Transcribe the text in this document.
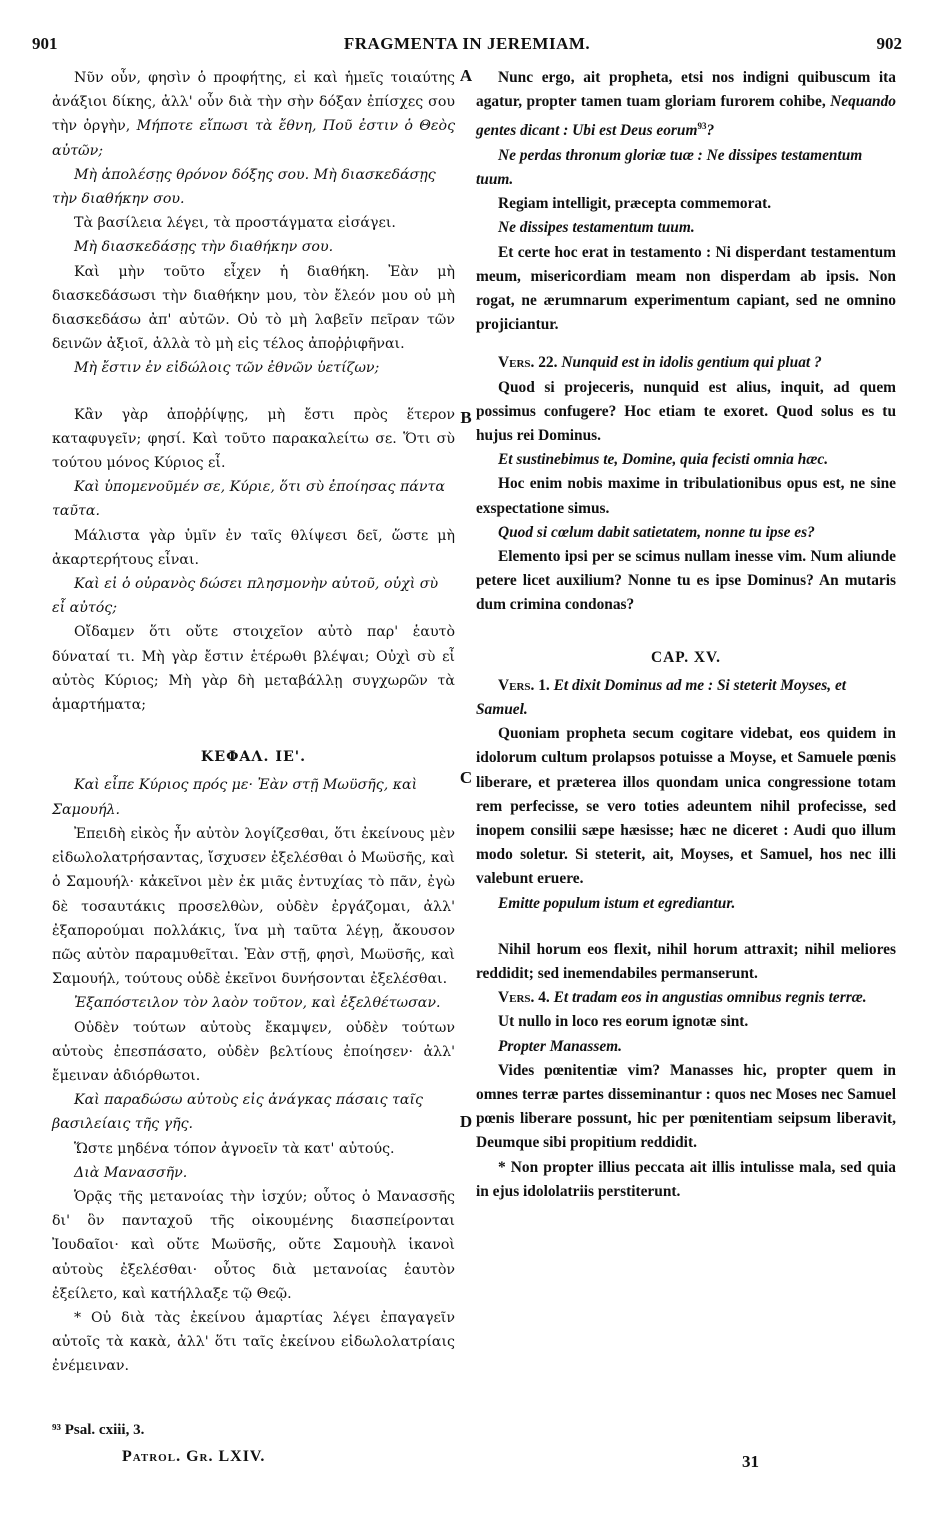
901	FRAGMENTA IN JEREMIAM.	902

Νῦν οὖν, φησὶν ὁ προφήτης, εἰ καὶ ἡμεῖς τοιαύτης ἀνάξιοι δίκης, ἀλλ' οὖν διὰ τὴν σὴν δόξαν ἐπίσχες σου τὴν ὀργὴν, Μήποτε εἴπωσι τὰ ἔθνη, Ποῦ ἐστιν ὁ Θεὸς αὐτῶν;

Μὴ ἀπολέσῃς θρόνον δόξης σου. Μὴ διασκεδάσῃς τὴν διαθήκην σου.

Τὰ βασίλεια λέγει, τὰ προστάγματα εἰσάγει.

Μὴ διασκεδάσῃς τὴν διαθήκην σου.

Καὶ μὴν τοῦτο εἶχεν ἡ διαθήκη. Ἐὰν μὴ διασκεδάσωσι τὴν διαθήκην μου, τὸν ἔλεόν μου οὐ μὴ διασκεδάσω ἀπ' αὐτῶν. Οὐ τὸ μὴ λαβεῖν πεῖραν τῶν δεινῶν ἀξιοῖ, ἀλλὰ τὸ μὴ εἰς τέλος ἀποῤῥιφῆναι.

Μὴ ἔστιν ἐν εἰδώλοις τῶν ἐθνῶν ὑετίζων;

Κἂν γὰρ ἀποῤῥίψῃς, μὴ ἔστι πρὸς ἕτερον καταφυγεῖν; φησί. Καὶ τοῦτο παρακαλείτω σε. Ὅτι σὺ τούτου μόνος Κύριος εἶ.

Καὶ ὑπομενοῦμέν σε, Κύριε, ὅτι σὺ ἐποίησας πάντα ταῦτα.

Μάλιστα γὰρ ὑμῖν ἐν ταῖς θλίψεσι δεῖ, ὥστε μὴ ἀκαρτερήτους εἶναι.

Καὶ εἰ ὁ οὐρανὸς δώσει πλησμονὴν αὐτοῦ, οὐχὶ σὺ εἶ αὐτός;

Οἴδαμεν ὅτι οὔτε στοιχεῖον αὐτὸ παρ' ἑαυτὸ δύναταί τι. Μὴ γὰρ ἔστιν ἑτέρωθι βλέψαι; Οὐχὶ σὺ εἶ αὐτὸς Κύριος; Μὴ γὰρ δὴ μεταβάλλῃ συγχωρῶν τὰ ἁμαρτήματα;

ΚΕΦΑΛ. ΙΕ'.

Καὶ εἶπε Κύριος πρός με· Ἐὰν στῇ Μωϋσῆς, καὶ Σαμουήλ.

Ἐπειδὴ εἰκὸς ἦν αὐτὸν λογίζεσθαι, ὅτι ἐκείνους μὲν εἰδωλολατρήσαντας, ἴσχυσεν ἐξελέσθαι ὁ Μωϋσῆς, καὶ ὁ Σαμουήλ· κἀκεῖνοι μὲν ἐκ μιᾶς ἐντυχίας τὸ πᾶν, ἐγὼ δὲ τοσαυτάκις προσελθὼν, οὐδὲν ἐργάζομαι, ἀλλ' ἐξαπορούμαι πολλάκις, ἵνα μὴ ταῦτα λέγῃ, ἄκουσον πῶς αὐτὸν παραμυθεῖται. Ἐὰν στῇ, φησὶ, Μωϋσῆς, καὶ Σαμουήλ, τούτους οὐδὲ ἐκεῖνοι δυνήσονται ἐξελέσθαι.

Ἐξαπόστειλον τὸν λαὸν τοῦτον, καὶ ἐξελθέτωσαν.

Οὐδὲν τούτων αὐτοὺς ἔκαμψεν, οὐδὲν τούτων αὐτοὺς ἐπεσπάσατο, οὐδὲν βελτίους ἐποίησεν· ἀλλ' ἔμειναν ἀδιόρθωτοι.

Καὶ παραδώσω αὐτοὺς εἰς ἀνάγκας πάσαις ταῖς βασιλείαις τῆς γῆς.

Ὥστε μηδένα τόπον ἀγνοεῖν τὰ κατ' αὐτούς.

Διὰ Μανασσῆν.

Ὁρᾷς τῆς μετανοίας τὴν ἰσχύν; οὗτος ὁ Μανασσῆς δι' ὃν πανταχοῦ τῆς οἰκουμένης διασπείρονται Ἰουδαῖοι· καὶ οὔτε Μωϋσῆς, οὔτε Σαμουὴλ ἱκανοὶ αὐτοὺς ἐξελέσθαι· οὗτος διὰ μετανοίας ἑαυτὸν ἐξείλετο, καὶ κατήλλαξε τῷ Θεῷ.

* Οὐ διὰ τὰς ἐκείνου ἁμαρτίας λέγει ἐπαγαγεῖν αὐτοῖς τὰ κακὰ, ἀλλ' ὅτι ταῖς ἐκείνου εἰδωλολατρίαις ἐνέμειναν.

A
B
C
D

Nunc ergo, ait propheta, etsi nos indigni quibuscum ita agatur, propter tamen tuam gloriam furorem cohibe, Nequando gentes dicant : Ubi est Deus eorum$^{93}$?

Ne perdas thronum gloriæ tuæ : Ne dissipes testamentum tuum.

Regiam intelligit, præcepta commemorat.

Ne dissipes testamentum tuum.

Et certe hoc erat in testamento : Ni disperdant testamentum meum, misericordiam meam non disperdam ab ipsis. Non rogat, ne ærumnarum experimentum capiant, sed ne omnino projiciantur.

Vers. 22. Nunquid est in idolis gentium qui pluat ?

Quod si projeceris, nunquid est alius, inquit, ad quem possimus confugere? Hoc etiam te exoret. Quod solus es tu hujus rei Dominus.

Et sustinebimus te, Domine, quia fecisti omnia hæc.

Hoc enim nobis maxime in tribulationibus opus est, ne sine exspectatione simus.

Quod si cœlum dabit satietatem, nonne tu ipse es?

Elemento ipsi per se scimus nullam inesse vim. Num aliunde petere licet auxilium? Nonne tu es ipse Dominus? An mutaris dum crimina condonas?

CAP. XV.

Vers. 1. Et dixit Dominus ad me : Si steterit Moyses, et Samuel.

Quoniam propheta secum cogitare videbat, eos quidem in idolorum cultum prolapsos potuisse a Moyse, et Samuele pœnis liberare, et præterea illos quondam unica congressione totam rem perfecisse, se vero toties adeuntem nihil profecisse, sed inopem consilii sæpe hæsisse; hæc ne diceret : Audi quo illum modo soletur. Si steterit, ait, Moyses, et Samuel, hos nec illi valebunt eruere.

Emitte populum istum et egrediantur.

Nihil horum eos flexit, nihil horum attraxit; nihil meliores reddidit; sed inemendabiles permanserunt.

Vers. 4. Et tradam eos in angustias omnibus regnis terræ.

Ut nullo in loco res eorum ignotæ sint.

Propter Manassem.

Vides pœnitentiæ vim? Manasses hic, propter quem in omnes terræ partes disseminantur : quos nec Moses nec Samuel pœnis liberare possunt, hic per pœnitentiam seipsum liberavit, Deumque sibi propitium reddidit.

* Non propter illius peccata ait illis intulisse mala, sed quia in ejus idololatriis perstiterunt.

⁹³ Psal. cxiii, 3.
Patrol. Gr. LXIV.	31
